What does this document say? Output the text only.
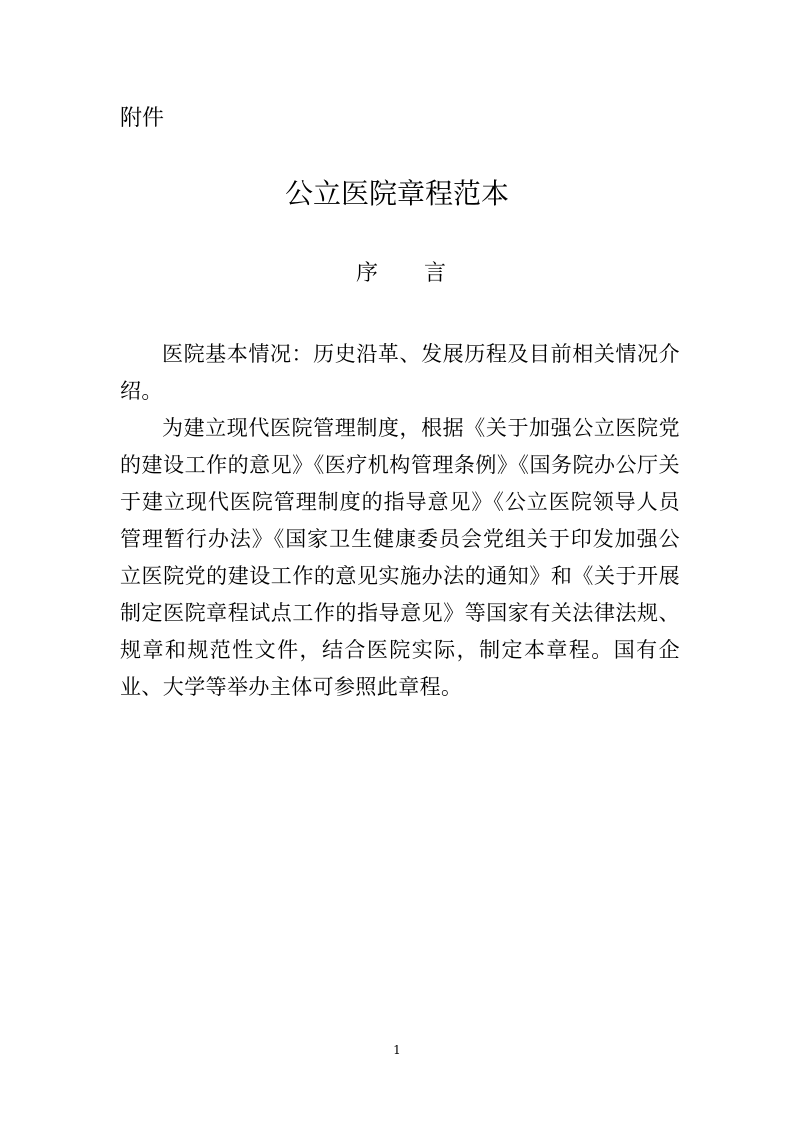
附件
公立医院章程范本
序 言

医院基本情况：历史沿革、发展历程及目前相关情况介绍。

为建立现代医院管理制度，根据《关于加强公立医院党的建设工作的意见》《医疗机构管理条例》《国务院办公厅关于建立现代医院管理制度的指导意见》《公立医院领导人员管理暂行办法》《国家卫生健康委员会党组关于印发加强公立医院党的建设工作的意见实施办法的通知》和《关于开展制定医院章程试点工作的指导意见》等国家有关法律法规、规章和规范性文件，结合医院实际，制定本章程。国有企业、大学等举办主体可参照此章程。

1
